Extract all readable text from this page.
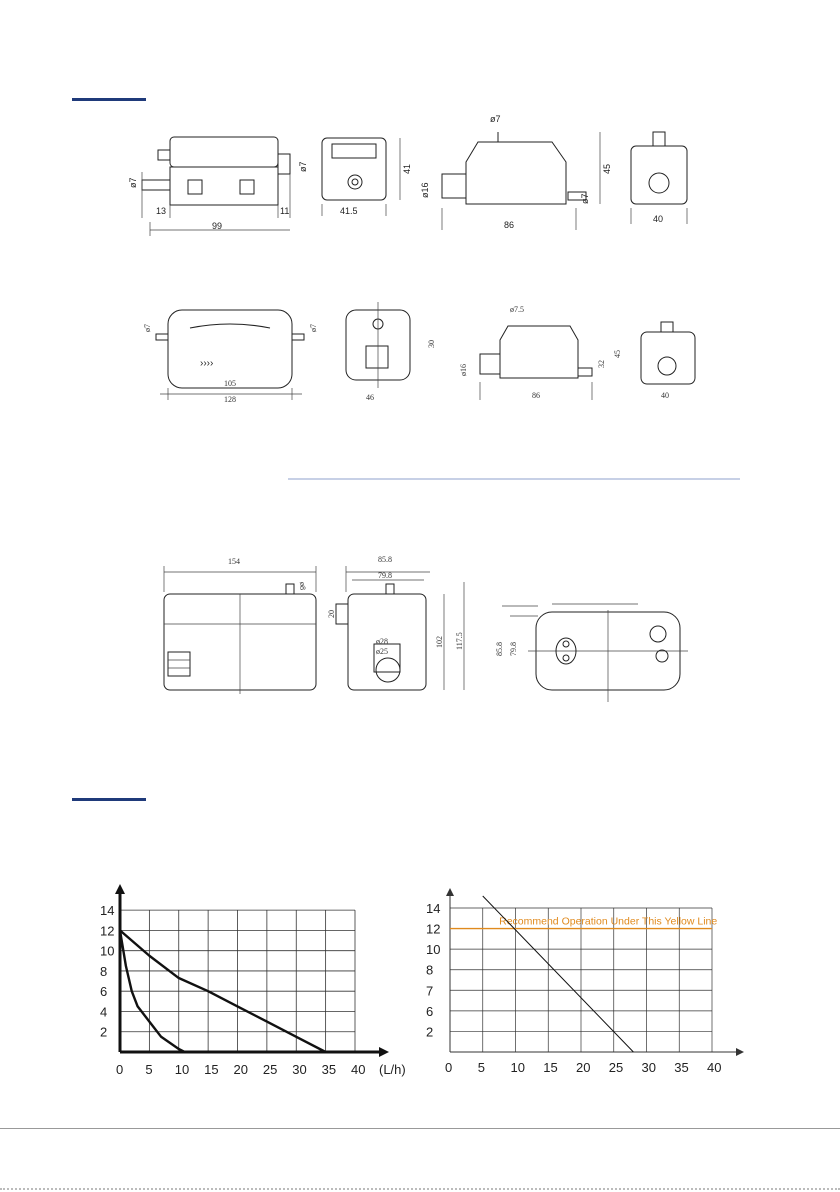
ø7
13
99
11
ø7
41.5
41
ø7
ø16
86
45
ø7
40
››››
ø7
105
128
ø7
30
46
ø7.5
ø16
86
32
45
40
154
ø8
85.8
79.8
20
102 117.5
ø28
ø25	85.8 79.8
0 5 10 15 20 25 30 35 40 (L/h)
2
4
6
8
10
12
14	14
12
10
8
7
6
2
0 5 10 15 20 25 30 35 40
Recommend Operation Under This Yellow Line
